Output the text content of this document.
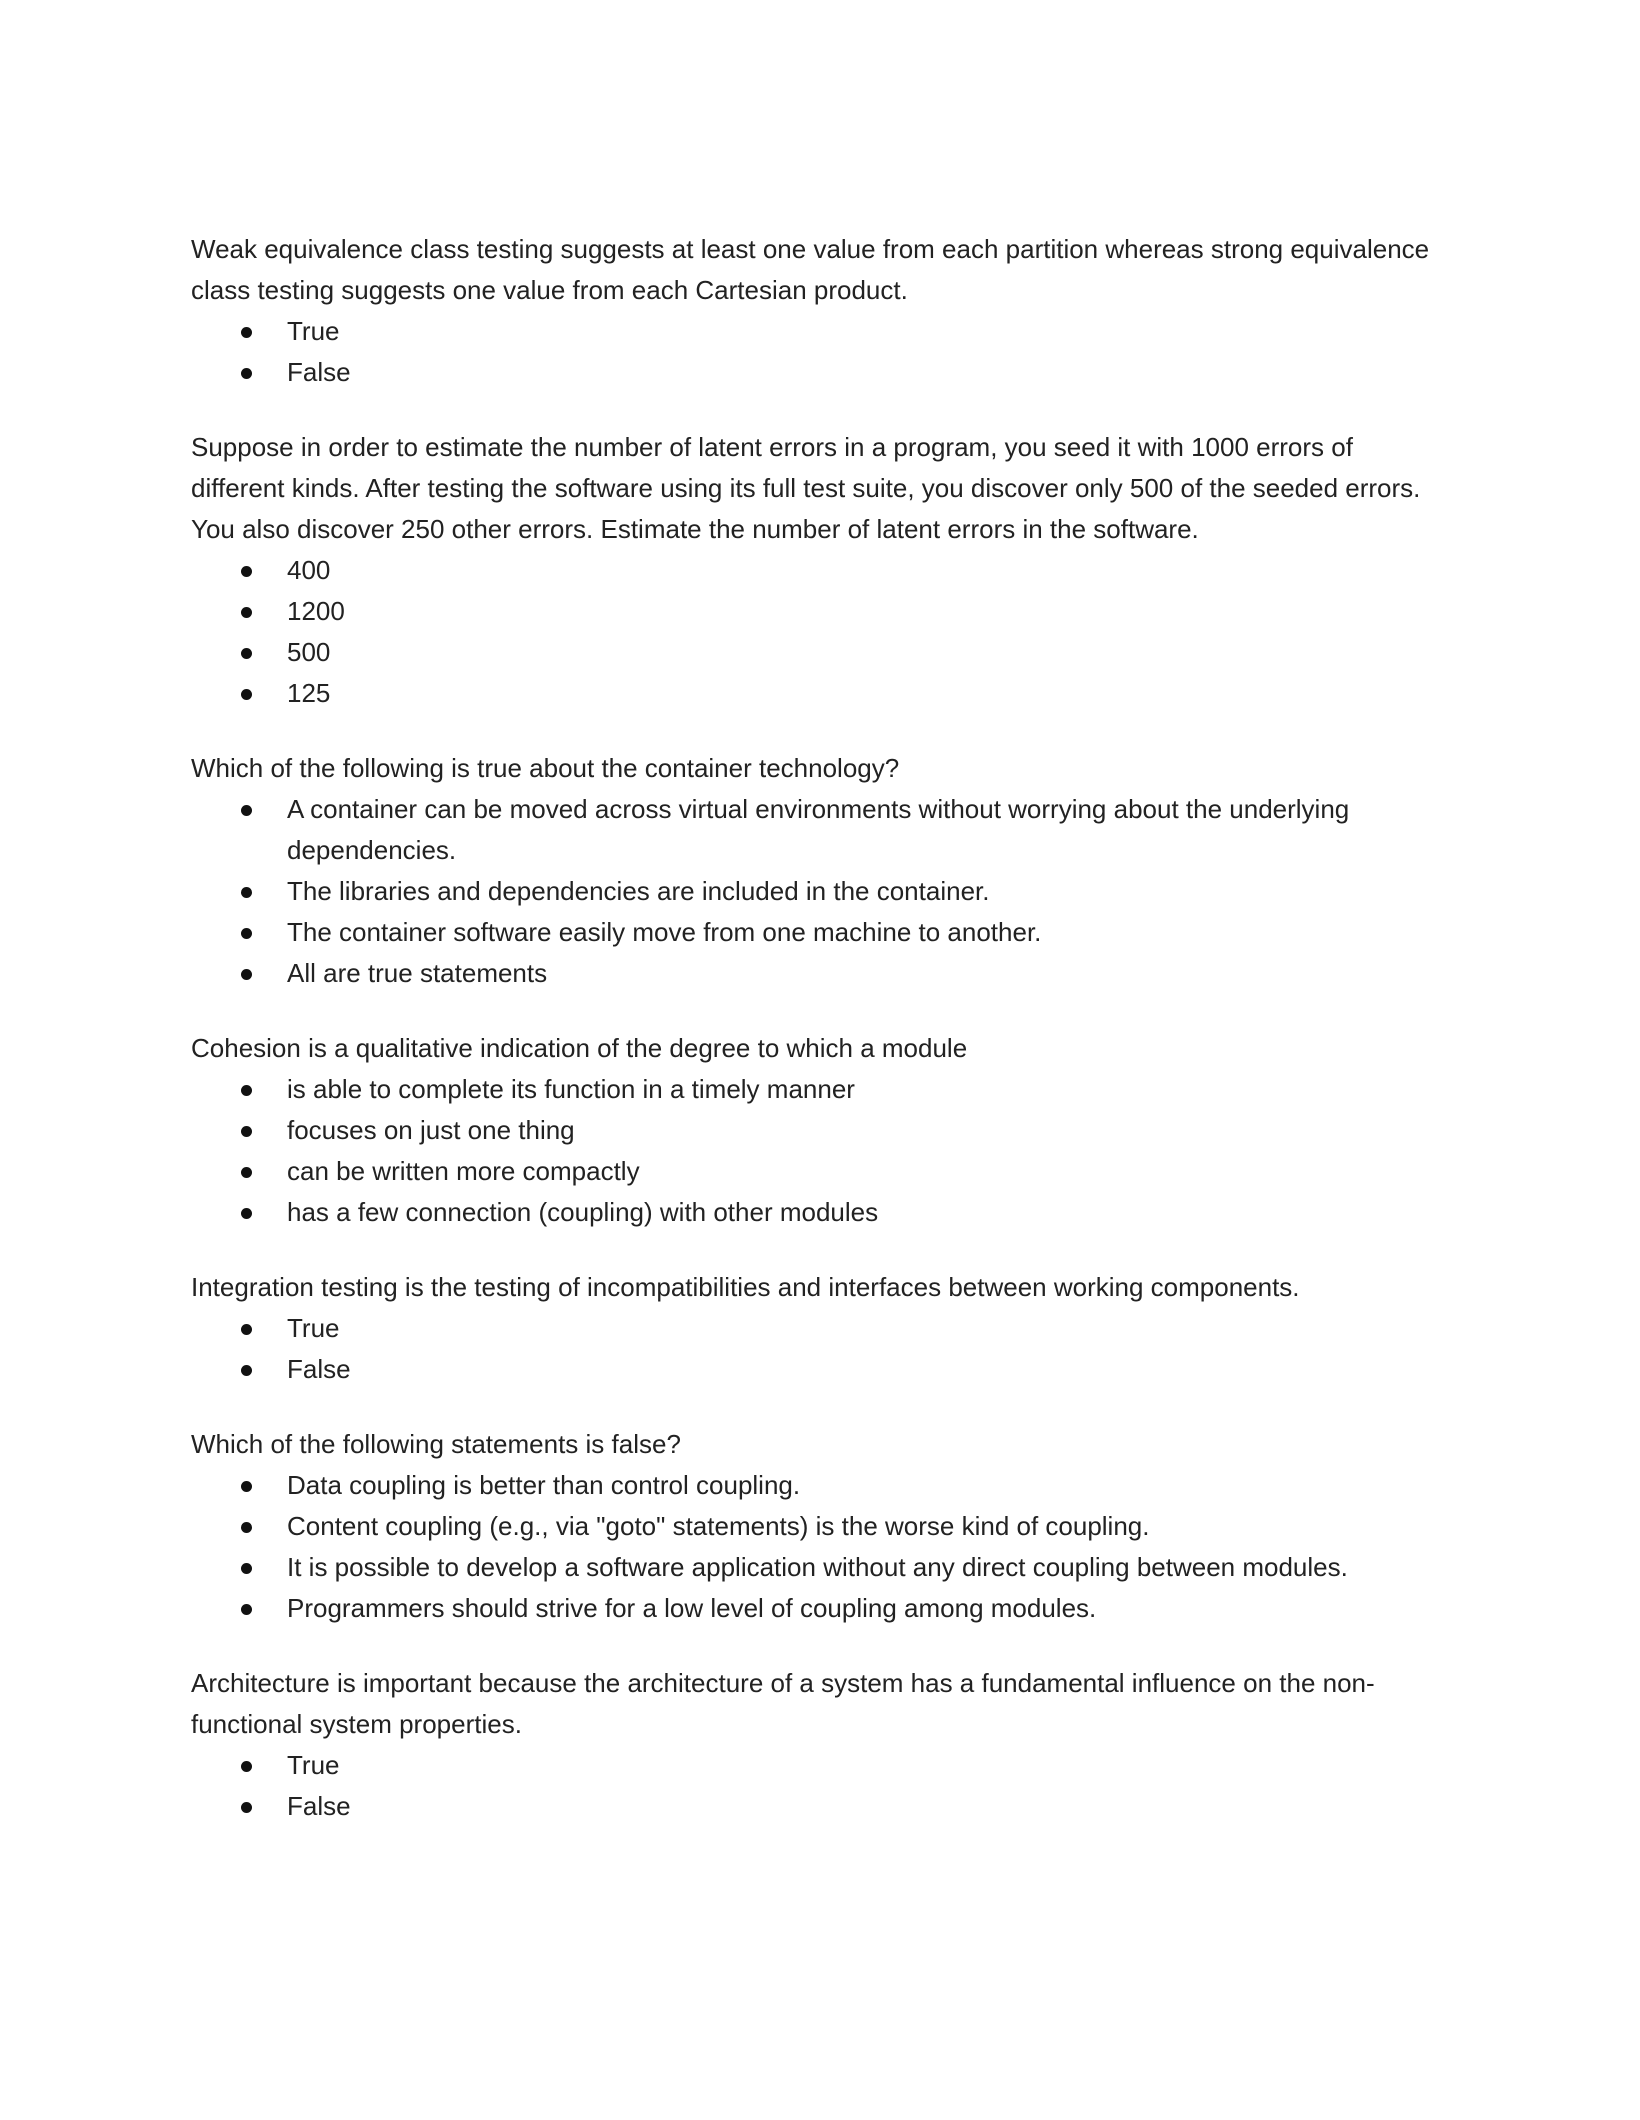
Weak equivalence class testing suggests at least one value from each partition whereas strong equivalence class testing suggests one value from each Cartesian product.

True
False

Suppose in order to estimate the number of latent errors in a program, you seed it with 1000 errors of different kinds. After testing the software using its full test suite, you discover only 500 of the seeded errors. You also discover 250 other errors. Estimate the number of latent errors in the software.

400
1200
500
125

Which of the following is true about the container technology?

A container can be moved across virtual environments without worrying about the underlying dependencies.
The libraries and dependencies are included in the container.
The container software easily move from one machine to another.
All are true statements

Cohesion is a qualitative indication of the degree to which a module

is able to complete its function in a timely manner
focuses on just one thing
can be written more compactly
has a few connection (coupling) with other modules

Integration testing is the testing of incompatibilities and interfaces between working components.

True
False

Which of the following statements is false?

Data coupling is better than control coupling.
Content coupling (e.g., via "goto" statements) is the worse kind of coupling.
It is possible to develop a software application without any direct coupling between modules.
Programmers should strive for a low level of coupling among modules.

Architecture is important because the architecture of a system has a fundamental influence on the non-functional system properties.

True
False
